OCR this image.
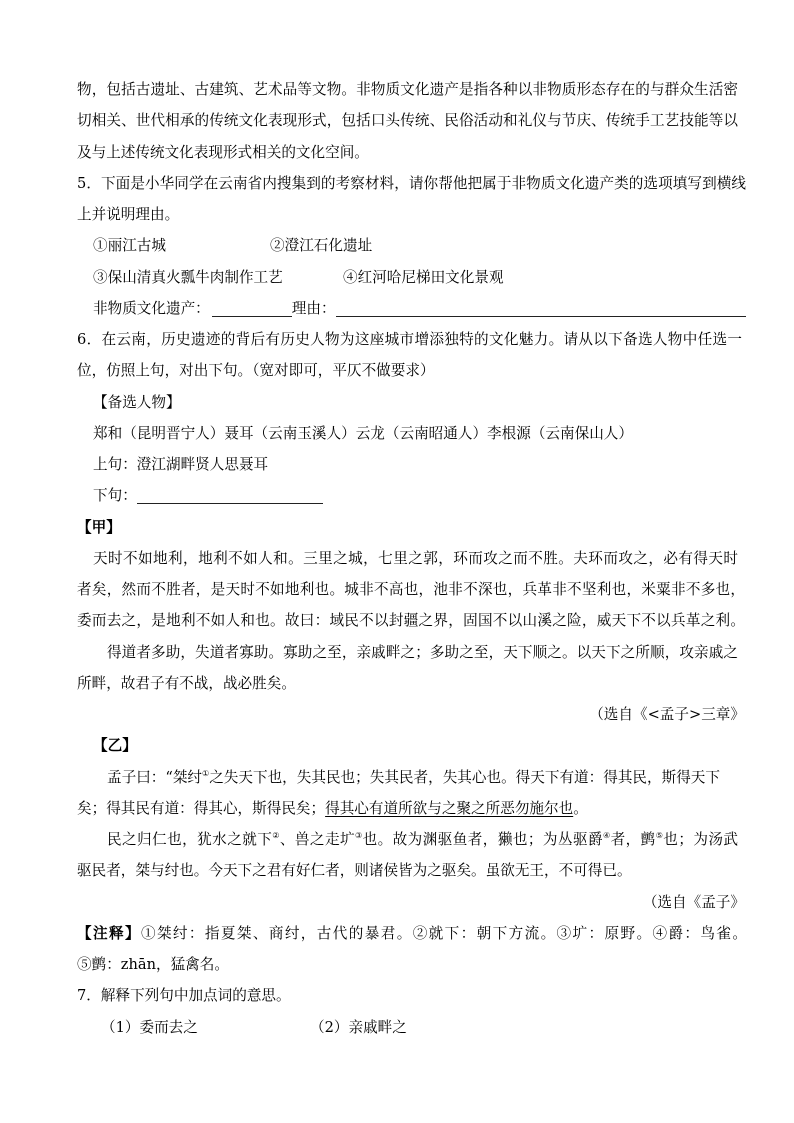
物，包括古遗址、古建筑、艺术品等文物。非物质文化遗产是指各种以非物质形态存在的与群众生活密
切相关、世代相承的传统文化表现形式，包括口头传统、民俗活动和礼仪与节庆、传统手工艺技能等以
及与上述传统文化表现形式相关的文化空间。
5．下面是小华同学在云南省内搜集到的考察材料，请你帮他把属于非物质文化遗产类的选项填写到横线
上并说明理由。
①丽江古城	②澄江石化遗址
③保山清真火瓢牛肉制作工艺	④红河哈尼梯田文化景观
非物质文化遗产：	理由：
6．在云南，历史遗迹的背后有历史人物为这座城市增添独特的文化魅力。请从以下备选人物中任选一
位，仿照上句，对出下句。（宽对即可，平仄不做要求）
【备选人物】
郑和（昆明晋宁人）聂耳（云南玉溪人）云龙（云南昭通人）李根源（云南保山人）
上句：澄江湖畔贤人思聂耳
下句：
【甲】
天时不如地利，地利不如人和。三里之城，七里之郭，环而攻之而不胜。夫环而攻之，必有得天时
者矣，然而不胜者，是天时不如地利也。城非不高也，池非不深也，兵革非不坚利也，米粟非不多也，
委而去之，是地利不如人和也。故曰：域民不以封疆之界，固国不以山溪之险，威天下不以兵革之利。
得道者多助，失道者寡助。寡助之至，亲戚畔之；多助之至，天下顺之。以天下之所顺，攻亲戚之
所畔，故君子有不战，战必胜矣。
（选自《<孟子>三章》
【乙】
孟子曰：“桀纣①之失天下也，失其民也；失其民者，失其心也。得天下有道：得其民，斯得天下
矣；得其民有道：得其心，斯得民矣；得其心有道所欲与之聚之所恶勿施尔也。
民之归仁也，犹水之就下②、兽之走圹③也。故为渊驱鱼者，獭也；为丛驱爵④者，鹯⑤也；为汤武
驱民者，桀与纣也。今天下之君有好仁者，则诸侯皆为之驱矣。虽欲无王，不可得已。
（选自《孟子》
【注释】①桀纣：指夏桀、商纣，古代的暴君。②就下：朝下方流。③圹：原野。④爵：鸟雀。
⑤鹯：zhān，猛禽名。
7．解释下列句中加点词的意思。
（1）委而去之	（2）亲戚畔之
